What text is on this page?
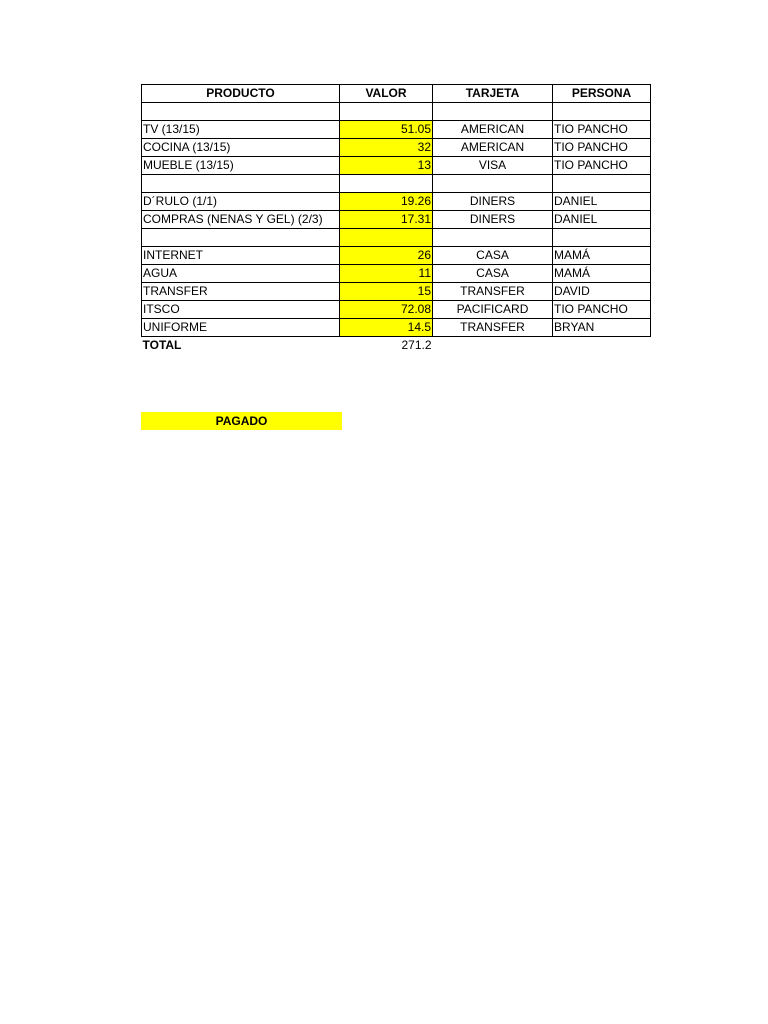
PRODUCTO	VALOR	TARJETA	PERSONA

TV (13/15)	51.05	AMERICAN	TIO PANCHO
COCINA (13/15)	32	AMERICAN	TIO PANCHO
MUEBLE (13/15)	13	VISA	TIO PANCHO

D´RULO (1/1)	19.26	DINERS	DANIEL
COMPRAS (NENAS Y GEL) (2/3)	17.31	DINERS	DANIEL

INTERNET	26	CASA	MAMÁ
AGUA	11	CASA	MAMÁ
TRANSFER	15	TRANSFER	DAVID
ITSCO	72.08	PACIFICARD	TIO PANCHO
UNIFORME	14.5	TRANSFER	BRYAN
TOTAL	271.2		
PAGADO
